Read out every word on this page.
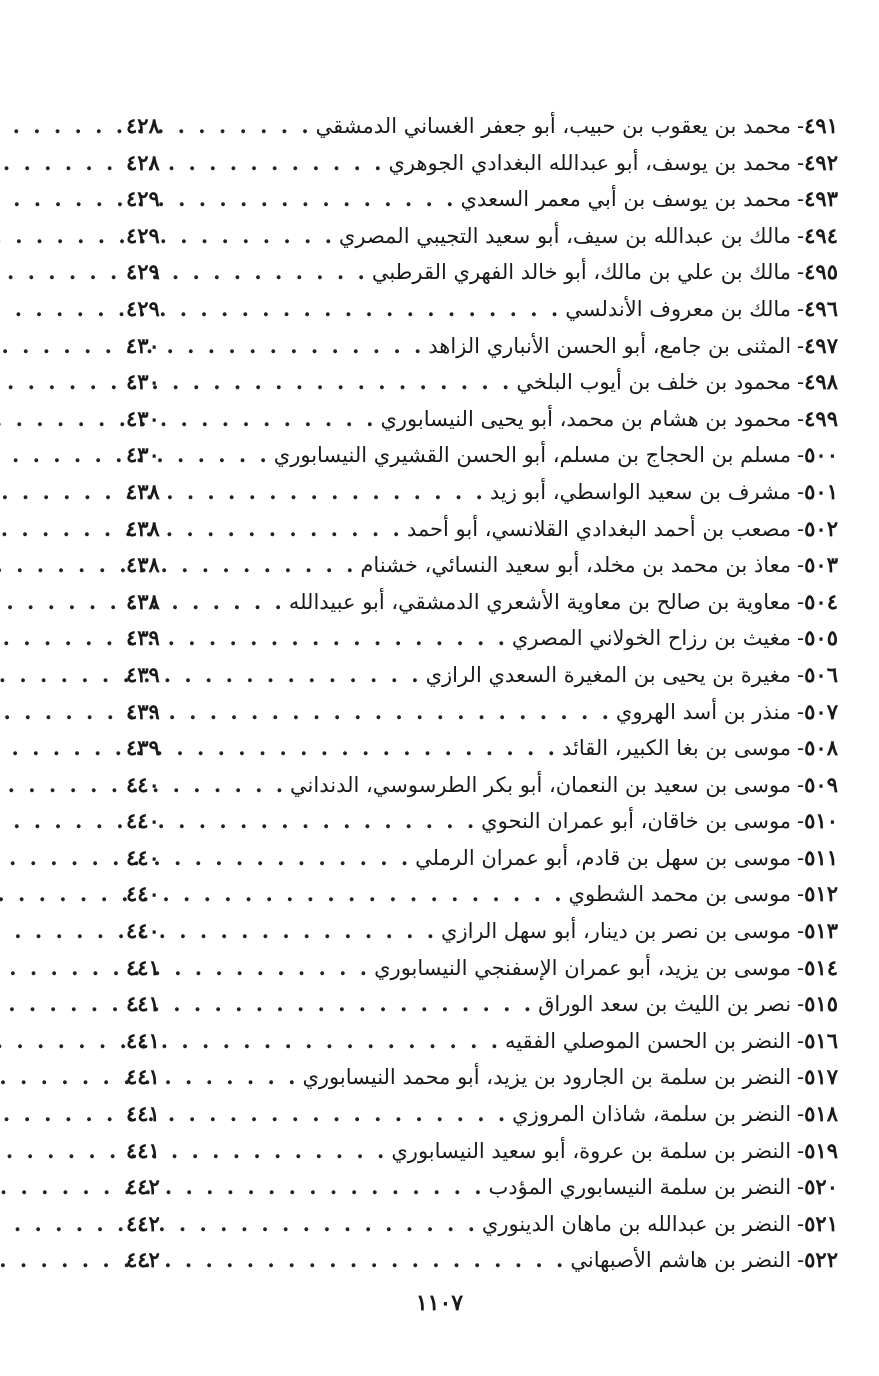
٤٩١
-
محمد بن يعقوب بن حبيب، أبو جعفر الغساني الدمشقي
. . .
٤٢٨
٤٩٢
-
محمد بن يوسف، أبو عبدالله البغدادي الجوهري
. . .
٤٢٨
٤٩٣
-
محمد بن يوسف بن أبي معمر السعدي
. . .
٤٢٩
٤٩٤
-
مالك بن عبدالله بن سيف، أبو سعيد التجيبي المصري
. . .
٤٢٩
٤٩٥
-
مالك بن علي بن مالك، أبو خالد الفهري القرطبي
. . .
٤٢٩
٤٩٦
-
مالك بن معروف الأندلسي
. . .
٤٢٩
٤٩٧
-
المثنى بن جامع، أبو الحسن الأنباري الزاهد
. . .
٤٣٠
٤٩٨
-
محمود بن خلف بن أيوب البلخي
. . .
٤٣٠
٤٩٩
-
محمود بن هشام بن محمد، أبو يحيى النيسابوري
. . .
٤٣٠
٥٠٠
-
مسلم بن الحجاج بن مسلم، أبو الحسن القشيري النيسابوري
. . .
٤٣٠
٥٠١
-
مشرف بن سعيد الواسطي، أبو زيد
. . .
٤٣٨
٥٠٢
-
مصعب بن أحمد البغدادي القلانسي، أبو أحمد
. . .
٤٣٨
٥٠٣
-
معاذ بن محمد بن مخلد، أبو سعيد النسائي، خشنام
. . .
٤٣٨
٥٠٤
-
معاوية بن صالح بن معاوية الأشعري الدمشقي، أبو عبيدالله
. . .
٤٣٨
٥٠٥
-
مغيث بن رزاح الخولاني المصري
. . .
٤٣٩
٥٠٦
-
مغيرة بن يحيى بن المغيرة السعدي الرازي
. . .
٤٣٩
٥٠٧
-
منذر بن أسد الهروي
. . .
٤٣٩
٥٠٨
-
موسى بن بغا الكبير، القائد
. . .
٤٣٩
٥٠٩
-
موسى بن سعيد بن النعمان، أبو بكر الطرسوسي، الدنداني
. . .
٤٤٠
٥١٠
-
موسى بن خاقان، أبو عمران النحوي
. . .
٤٤٠
٥١١
-
موسى بن سهل بن قادم، أبو عمران الرملي
. . .
٤٤٠
٥١٢
-
موسى بن محمد الشطوي
. . .
٤٤٠
٥١٣
-
موسى بن نصر بن دينار، أبو سهل الرازي
. . .
٤٤٠
٥١٤
-
موسى بن يزيد، أبو عمران الإسفنجي النيسابوري
. . .
٤٤١
٥١٥
-
نصر بن الليث بن سعد الوراق
. . .
٤٤١
٥١٦
-
النضر بن الحسن الموصلي الفقيه
. . .
٤٤١
٥١٧
-
النضر بن سلمة بن الجارود بن يزيد، أبو محمد النيسابوري
. . .
٤٤١
٥١٨
-
النضر بن سلمة، شاذان المروزي
. . .
٤٤١
٥١٩
-
النضر بن سلمة بن عروة، أبو سعيد النيسابوري
. . .
٤٤١
٥٢٠
-
النضر بن سلمة النيسابوري المؤدب
. . .
٤٤٢
٥٢١
-
النضر بن عبدالله بن ماهان الدينوري
. . .
٤٤٢
٥٢٢
-
النضر بن هاشم الأصبهاني
. . .
٤٤٢
١١٠٧
